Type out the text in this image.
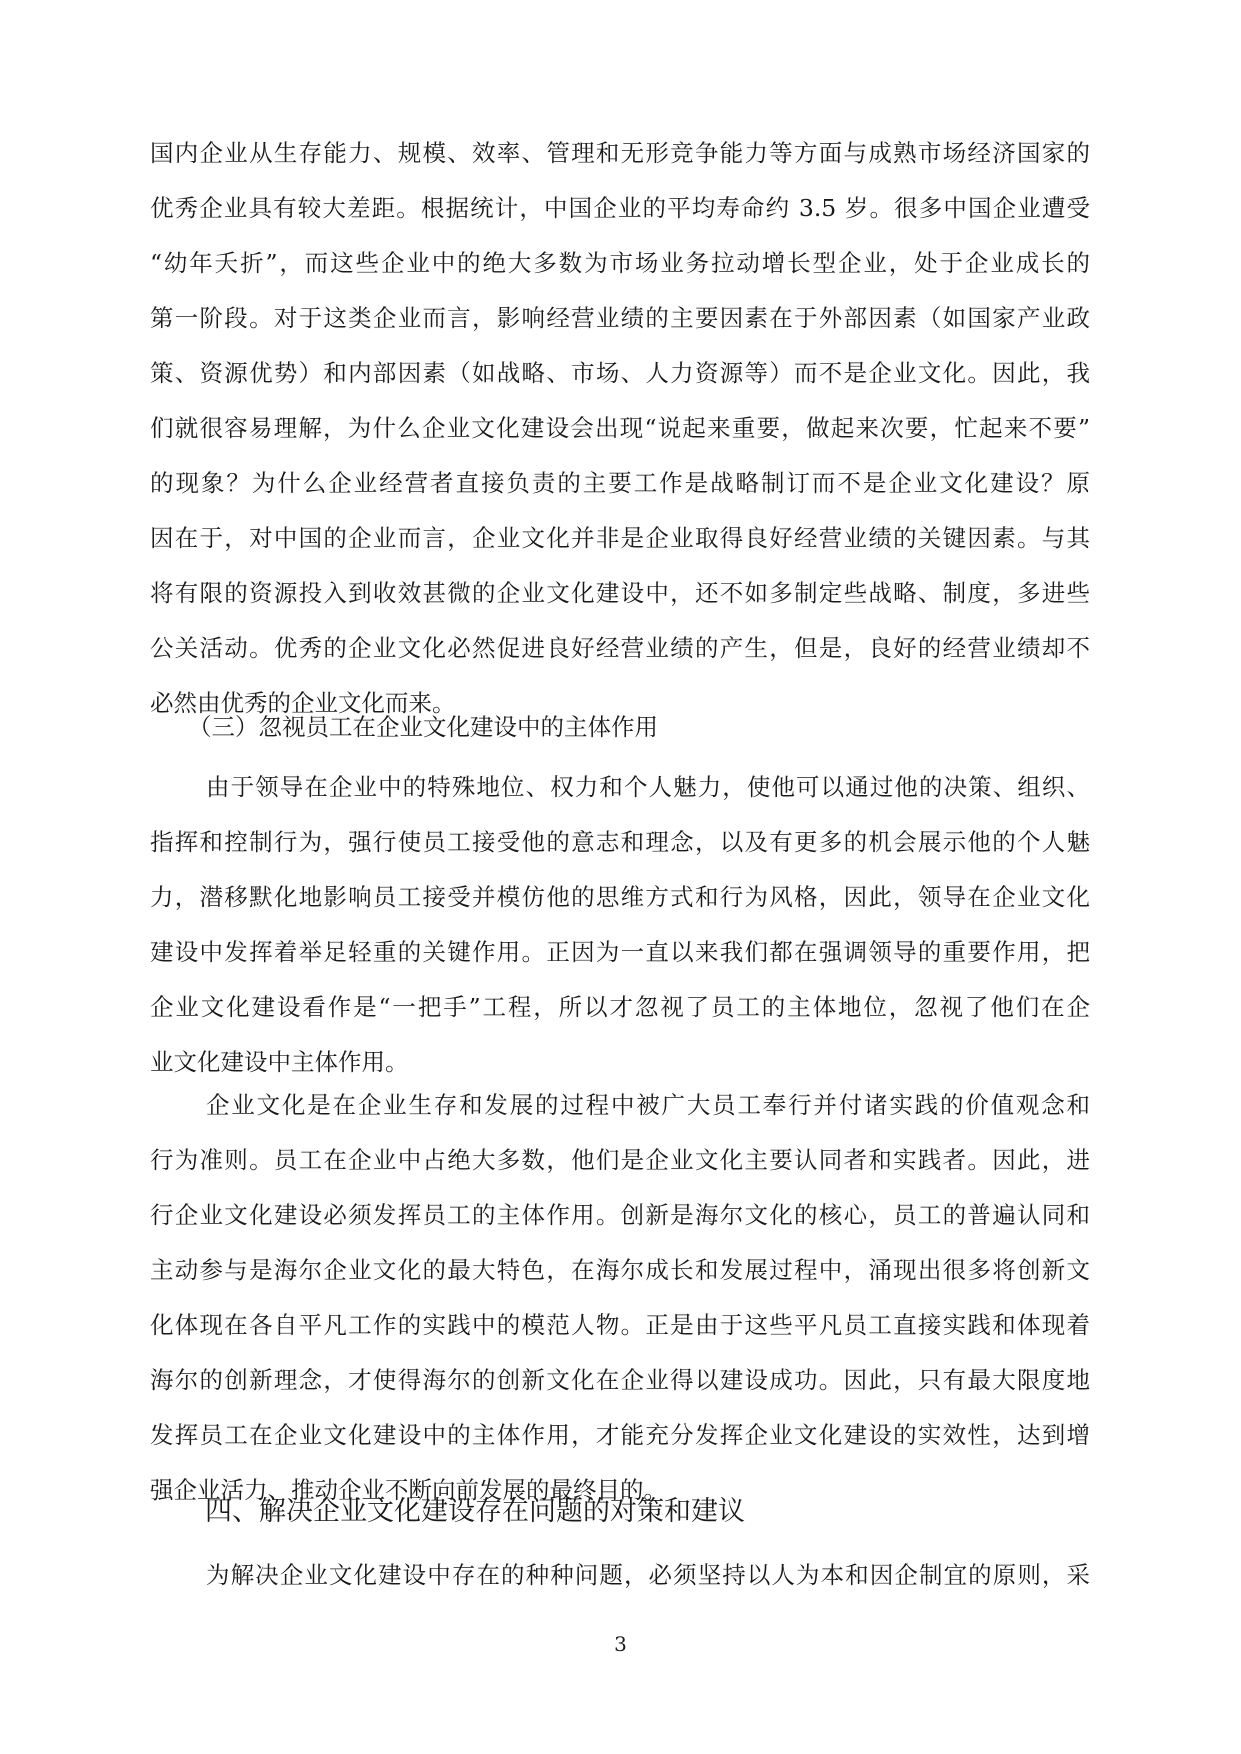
国内企业从生存能力、规模、效率、管理和无形竞争能力等方面与成熟市场经济国家的
优秀企业具有较大差距。根据统计，中国企业的平均寿命约 3.5 岁。很多中国企业遭受
“幼年夭折”，而这些企业中的绝大多数为市场业务拉动增长型企业，处于企业成长的
第一阶段。对于这类企业而言，影响经营业绩的主要因素在于外部因素（如国家产业政
策、资源优势）和内部因素（如战略、市场、人力资源等）而不是企业文化。因此，我
们就很容易理解，为什么企业文化建设会出现“说起来重要，做起来次要，忙起来不要”
的现象？为什么企业经营者直接负责的主要工作是战略制订而不是企业文化建设？原
因在于，对中国的企业而言，企业文化并非是企业取得良好经营业绩的关键因素。与其
将有限的资源投入到收效甚微的企业文化建设中，还不如多制定些战略、制度，多进些
公关活动。优秀的企业文化必然促进良好经营业绩的产生，但是，良好的经营业绩却不
必然由优秀的企业文化而来。
（三）忽视员工在企业文化建设中的主体作用
由于领导在企业中的特殊地位、权力和个人魅力，使他可以通过他的决策、组织、
指挥和控制行为，强行使员工接受他的意志和理念，以及有更多的机会展示他的个人魅
力，潜移默化地影响员工接受并模仿他的思维方式和行为风格，因此，领导在企业文化
建设中发挥着举足轻重的关键作用。正因为一直以来我们都在强调领导的重要作用，把
企业文化建设看作是“一把手”工程，所以才忽视了员工的主体地位，忽视了他们在企
业文化建设中主体作用。
企业文化是在企业生存和发展的过程中被广大员工奉行并付诸实践的价值观念和
行为准则。员工在企业中占绝大多数，他们是企业文化主要认同者和实践者。因此，进
行企业文化建设必须发挥员工的主体作用。创新是海尔文化的核心，员工的普遍认同和
主动参与是海尔企业文化的最大特色，在海尔成长和发展过程中，涌现出很多将创新文
化体现在各自平凡工作的实践中的模范人物。正是由于这些平凡员工直接实践和体现着
海尔的创新理念，才使得海尔的创新文化在企业得以建设成功。因此，只有最大限度地
发挥员工在企业文化建设中的主体作用，才能充分发挥企业文化建设的实效性，达到增
强企业活力、推动企业不断向前发展的最终目的。
四、解决企业文化建设存在问题的对策和建议
为解决企业文化建设中存在的种种问题，必须坚持以人为本和因企制宜的原则，采
3
